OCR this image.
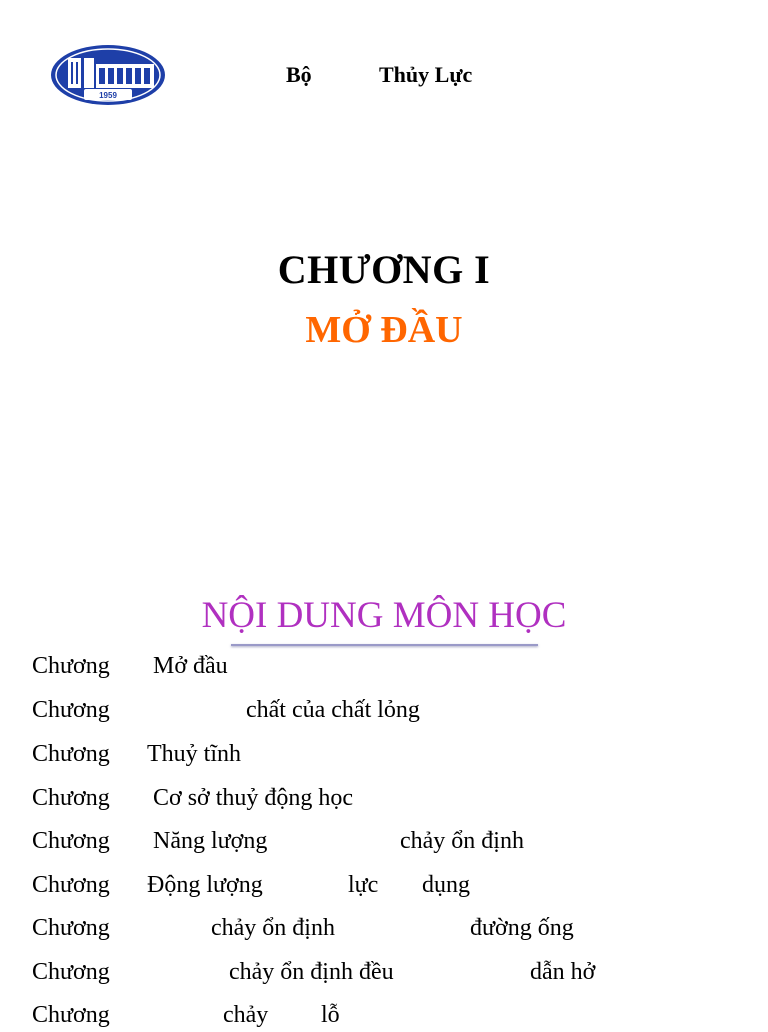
1959
Bộ	Thủy Lực
CHƯƠNG I
MỞ ĐẦU
NỘI DUNG MÔN HỌC
Chương Mở đầu
Chương	chất của chất lỏng
Chương Thuỷ tĩnh
Chương Cơ sở thuỷ động học
Chương Năng lượng	chảy ổn định
Chương Động lượng	lực dụng
Chương	chảy ổn định	đường ống
Chương	chảy ổn định đều	dẫn hở
Chương	chảy lỗ
